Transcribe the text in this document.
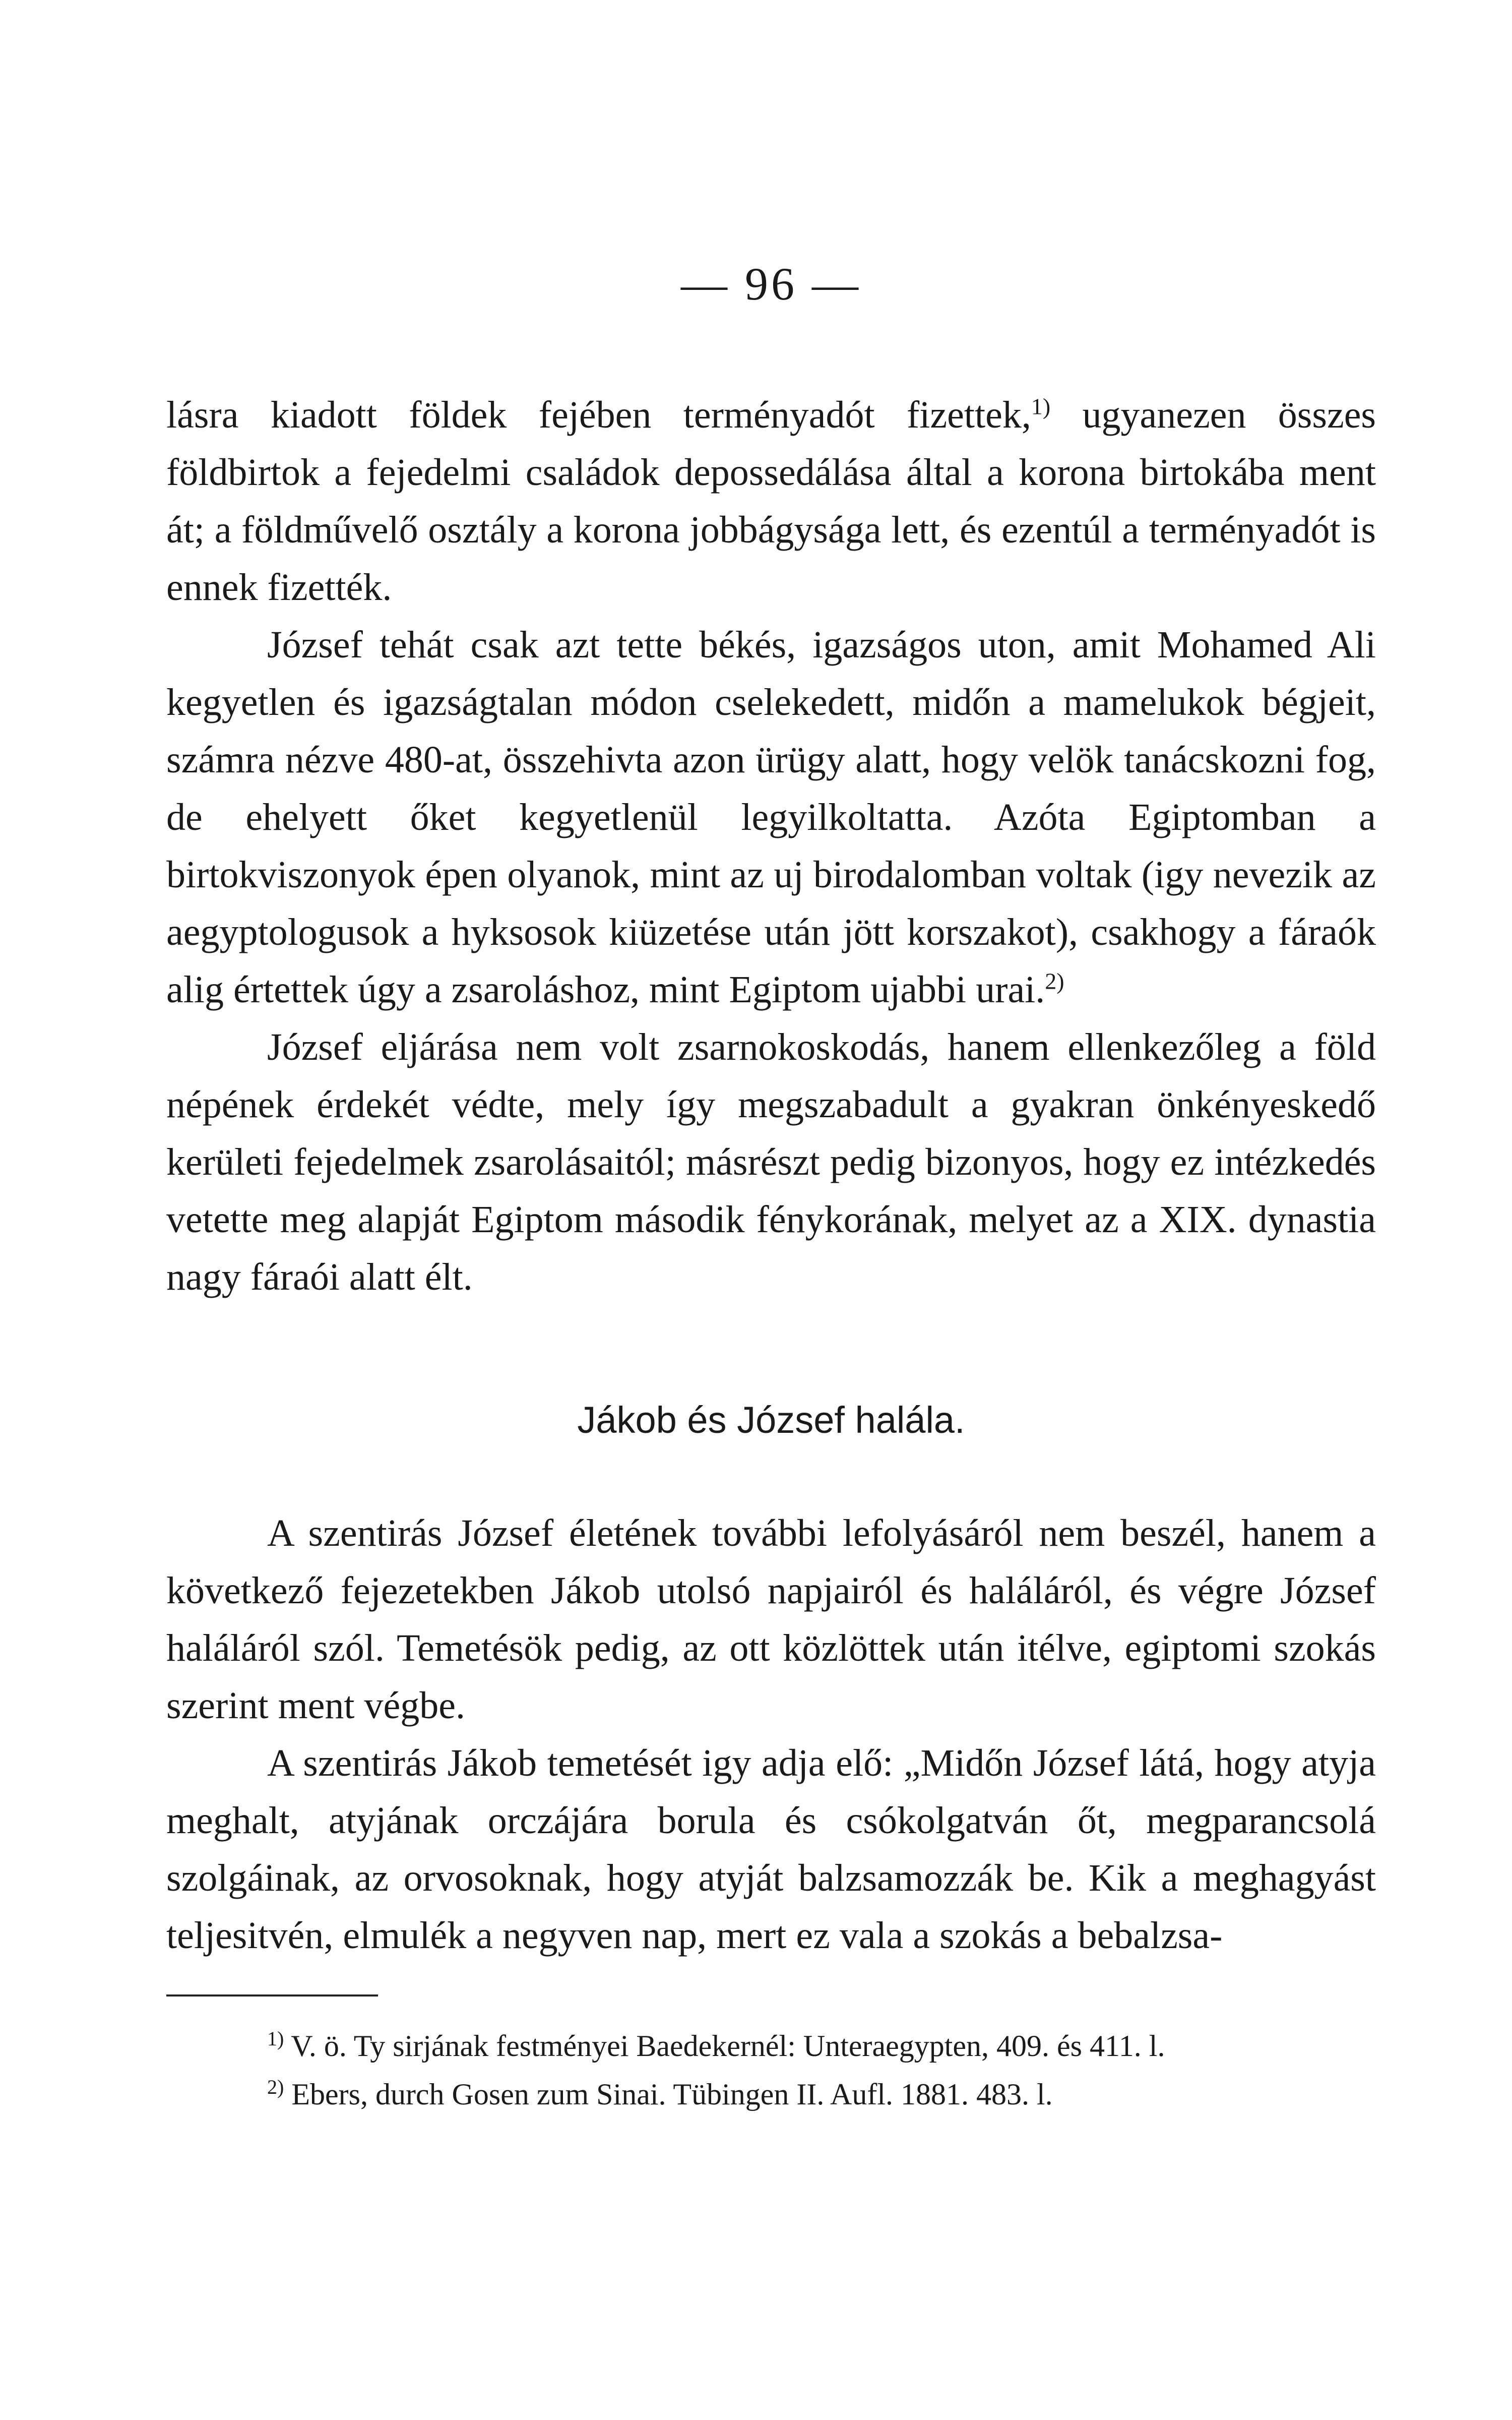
— 96 —

lásra kiadott földek fejében terményadót fizettek,$^{1)}$ ugyanezen összes földbirtok a fejedelmi családok depossedálása által a korona birtokába ment át; a földművelő osztály a korona jobbágysága lett, és ezentúl a terményadót is ennek fizették.

József tehát csak azt tette békés, igazságos uton, amit Mohamed Ali kegyetlen és igazságtalan módon cselekedett, midőn a mamelukok bégjeit, számra nézve 480-at, összehivta azon ürügy alatt, hogy velök tanácskozni fog, de ehelyett őket kegyetlenül legyilkoltatta. Azóta Egiptomban a birtokviszonyok épen olyanok, mint az uj birodalomban voltak (igy nevezik az aegyptologusok a hyksosok kiüzetése után jött korszakot), csakhogy a fáraók alig értettek úgy a zsaroláshoz, mint Egiptom ujabbi urai.$^{2)}$

József eljárása nem volt zsarnokoskodás, hanem ellenkezőleg a föld népének érdekét védte, mely így megszabadult a gyakran önkényeskedő kerületi fejedelmek zsarolásaitól; másrészt pedig bizonyos, hogy ez intézkedés vetette meg alapját Egiptom második fénykorának, melyet az a XIX. dynastia nagy fáraói alatt élt.

Jákob és József halála.

A szentirás József életének további lefolyásáról nem beszél, hanem a következő fejezetekben Jákob utolsó napjairól és haláláról, és végre József haláláról szól. Temetésök pedig, az ott közlöttek után itélve, egiptomi szokás szerint ment végbe.

A szentirás Jákob temetését igy adja elő: „Midőn József látá, hogy atyja meghalt, atyjának orczájára borula és csókolgatván őt, megparancsolá szolgáinak, az orvosoknak, hogy atyját balzsamozzák be. Kik a meghagyást teljesitvén, elmulék a negyven nap, mert ez vala a szokás a bebalzsa-

$^{1)}$ V. ö. Ty sirjának festményei Baedekernél: Unteraegypten, 409. és 411. l.

$^{2)}$ Ebers, durch Gosen zum Sinai. Tübingen II. Aufl. 1881. 483. l.
